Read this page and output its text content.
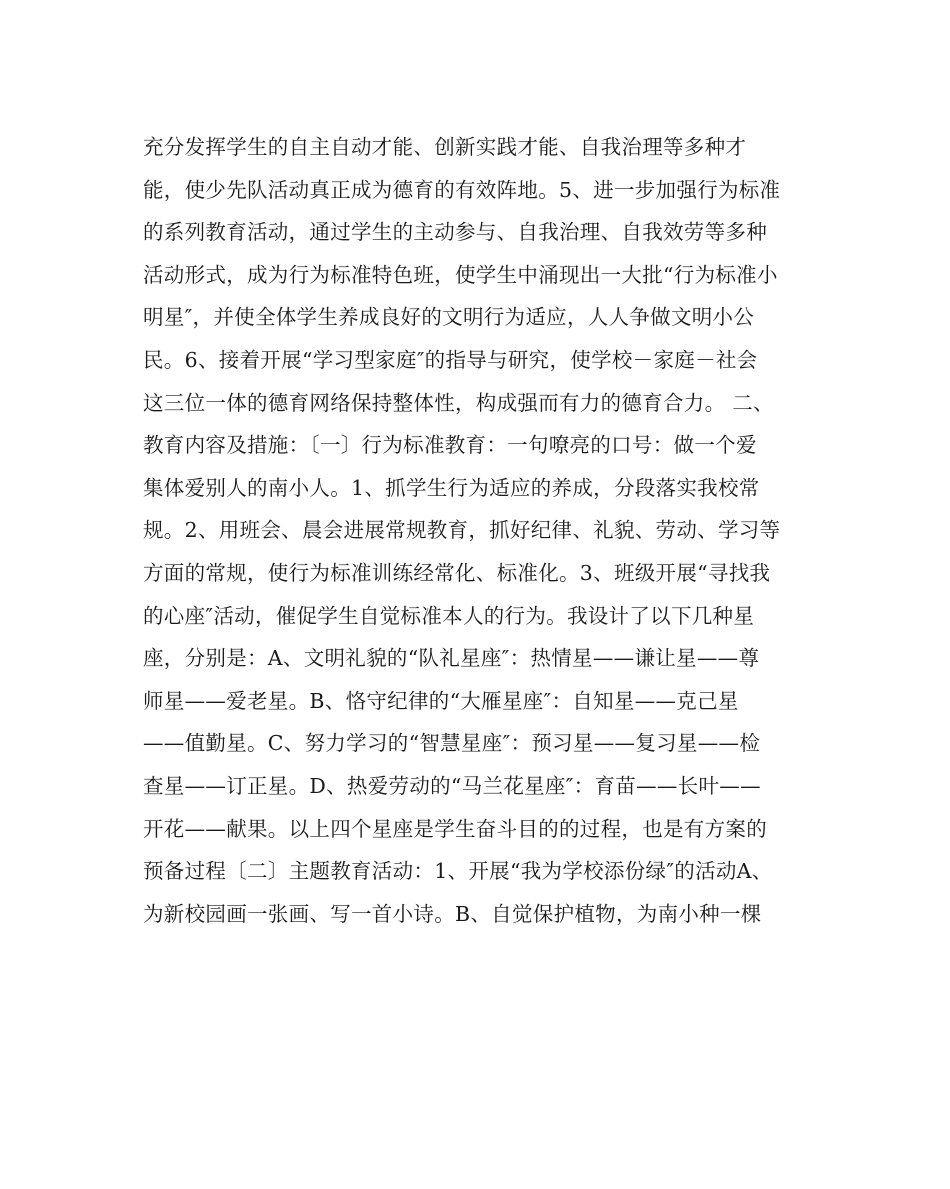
充分发挥学生的自主自动才能、创新实践才能、自我治理等多种才
能，使少先队活动真正成为德育的有效阵地。5、进一步加强行为标准
的系列教育活动，通过学生的主动参与、自我治理、自我效劳等多种
活动形式，成为行为标准特色班，使学生中涌现出一大批“行为标准小
明星″，并使全体学生养成良好的文明行为适应，人人争做文明小公
民。6、接着开展“学习型家庭″的指导与研究，使学校－家庭－社会
这三位一体的德育网络保持整体性，构成强而有力的德育合力。 二、
教育内容及措施：〔一〕行为标准教育：一句嘹亮的口号：做一个爱
集体爱别人的南小人。1、抓学生行为适应的养成，分段落实我校常
规。2、用班会、晨会进展常规教育，抓好纪律、礼貌、劳动、学习等
方面的常规，使行为标准训练经常化、标准化。3、班级开展“寻找我
的心座″活动，催促学生自觉标准本人的行为。我设计了以下几种星
座，分别是：A、文明礼貌的“队礼星座″：热情星——谦让星——尊
师星——爱老星。B、恪守纪律的“大雁星座″：自知星——克己星
——值勤星。C、努力学习的“智慧星座″：预习星——复习星——检
查星——订正星。D、热爱劳动的“马兰花星座″：育苗——长叶——
开花——献果。以上四个星座是学生奋斗目的的过程，也是有方案的
预备过程〔二〕主题教育活动：1、开展“我为学校添份绿″的活动A、
为新校园画一张画、写一首小诗。B、自觉保护植物，为南小种一棵
